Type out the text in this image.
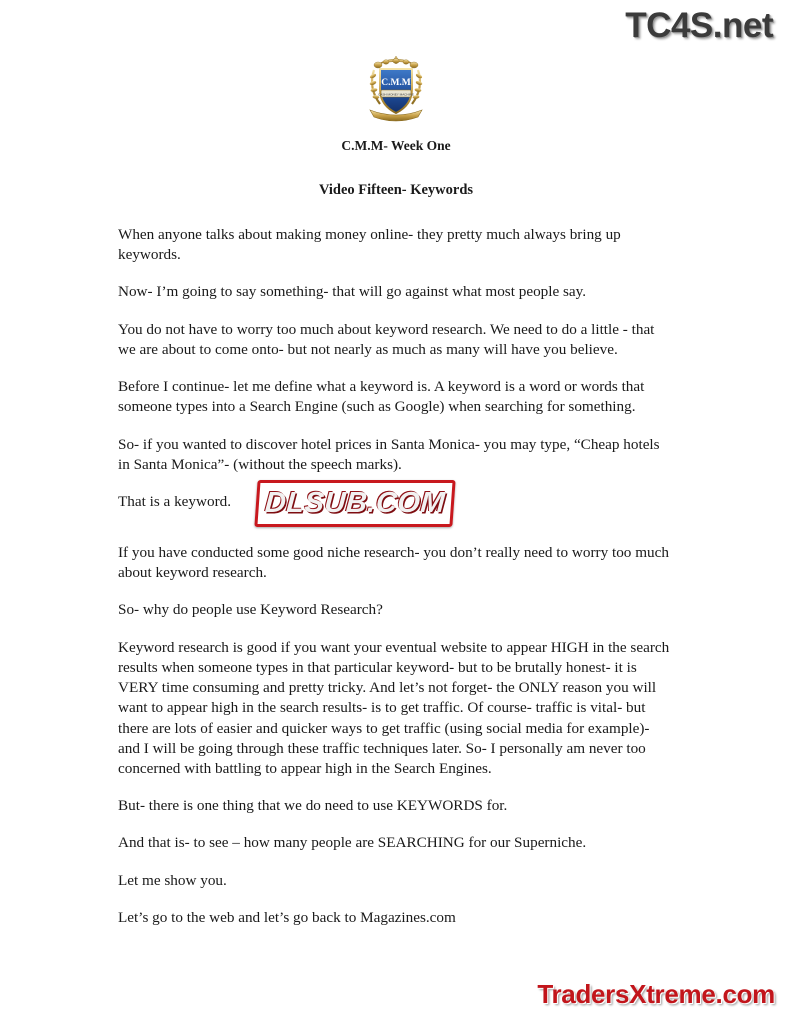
TC4S.net
C.M.M
CASH MONEY MACHINE
C.M.M- Week One
Video Fifteen- Keywords

When anyone talks about making money online- they pretty much always bring up keywords.

Now- I’m going to say something- that will go against what most people say.

You do not have to worry too much about keyword research. We need to do a little - that we are about to come onto- but not nearly as much as many will have you believe.

Before I continue- let me define what a keyword is. A keyword is a word or words that someone types into a Search Engine (such as Google) when searching for something.

So- if you wanted to discover hotel prices in Santa Monica- you may type, “Cheap hotels in Santa Monica”- (without the speech marks).

That is a keyword.	DLSUB.COM

If you have conducted some good niche research- you don’t really need to worry too much about keyword research.

So- why do people use Keyword Research?

Keyword research is good if you want your eventual website to appear HIGH in the search results when someone types in that particular keyword- but to be brutally honest- it is VERY time consuming and pretty tricky. And let’s not forget- the ONLY reason you will want to appear high in the search results- is to get traffic. Of course- traffic is vital- but there are lots of easier and quicker ways to get traffic (using social media for example)- and I will be going through these traffic techniques later. So- I personally am never too concerned with battling to appear high in the Search Engines.

But- there is one thing that we do need to use KEYWORDS for.

And that is- to see – how many people are SEARCHING for our Superniche.

Let me show you.

Let’s go to the web and let’s go back to Magazines.com

TradersXtreme.com
